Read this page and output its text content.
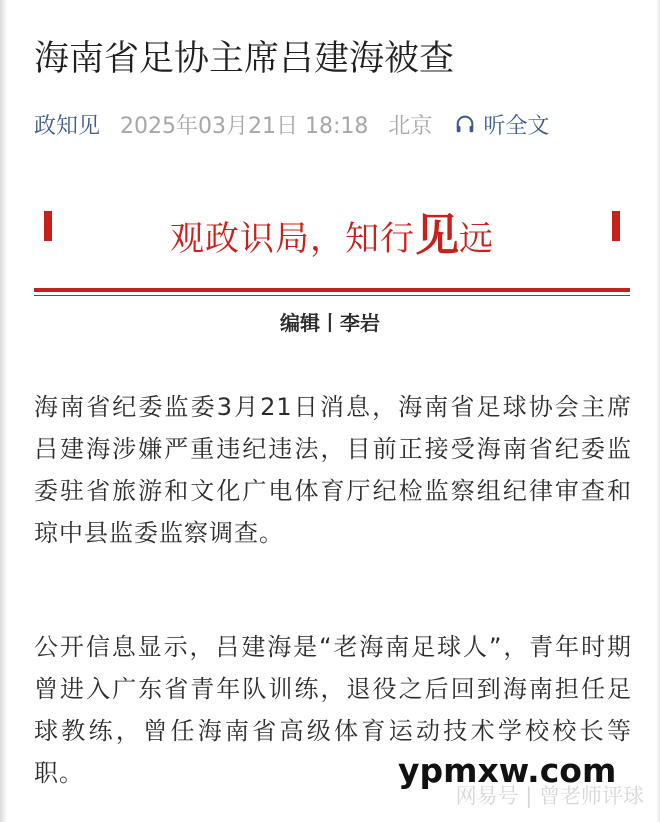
海南省足协主席吕建海被查
政知见 2025年03月21日 18:18 北京 听全文
观政识局，知行见远
编辑丨李岩

海南省纪委监委3月21日消息，海南省足球协会主席吕建海涉嫌严重违纪违法，目前正接受海南省纪委监委驻省旅游和文化广电体育厅纪检监察组纪律审查和琼中县监委监察调查。

公开信息显示，吕建海是“老海南足球人”，青年时期曾进入广东省青年队训练，退役之后回到海南担任足球教练，曾任海南省高级体育运动技术学校校长等职。

网易号 | 曾老师评球
ypmxw.com
